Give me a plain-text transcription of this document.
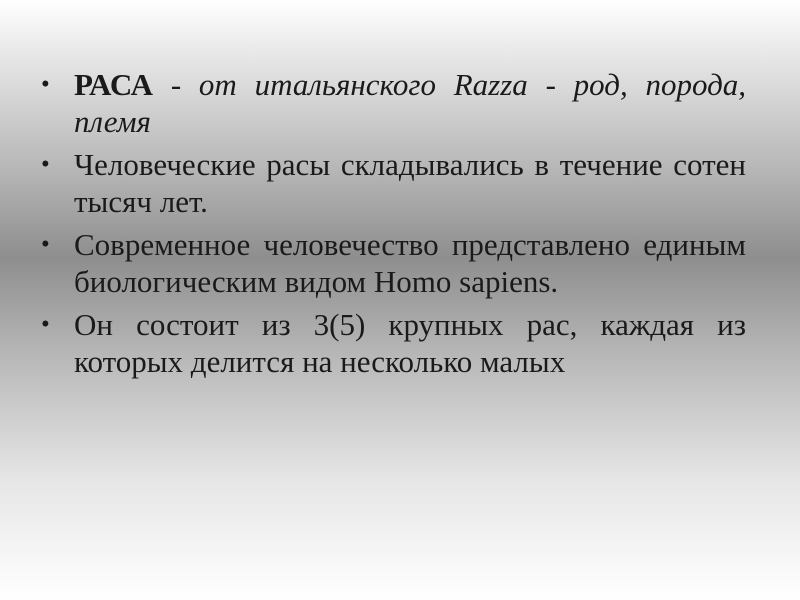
• РАСА - от итальянского Razza - род, порода, племя
• Человеческие расы складывались в течение сотен тысяч лет.
• Современное человечество представлено единым биологическим видом Homo sapiens.
• Он состоит из 3(5) крупных рас, каждая из которых делится на несколько малых
